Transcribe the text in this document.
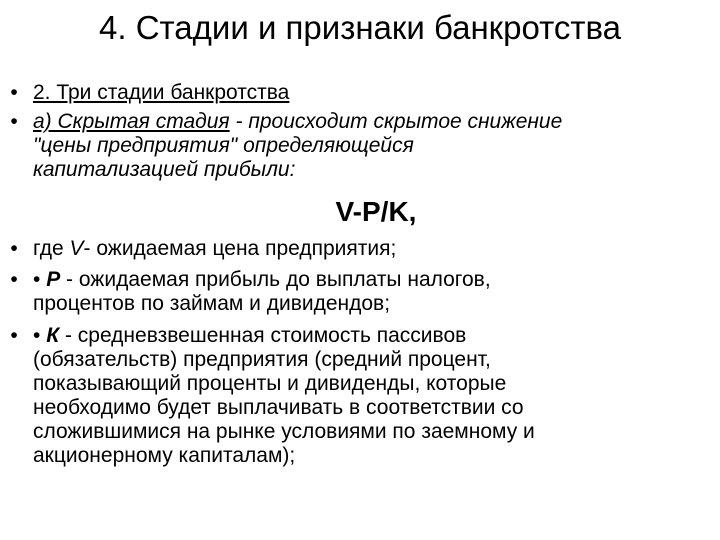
4. Стадии и признаки банкротства
• 2. Три стадии банкротства
• а) Скрытая стадия - происходит скрытое снижение
"цены предприятия" определяющейся
капитализацией прибыли:
• где V- ожидаемая цена предприятия;
• • Р - ожидаемая прибыль до выплаты налогов,
процентов по займам и дивидендов;
• • К - средневзвешенная стоимость пассивов
(обязательств) предприятия (средний процент,
показывающий проценты и дивиденды, которые
необходимо будет выплачивать в соответствии со
сложившимися на рынке условиями по заемному и
акционерному капиталам);
V-P/K,
